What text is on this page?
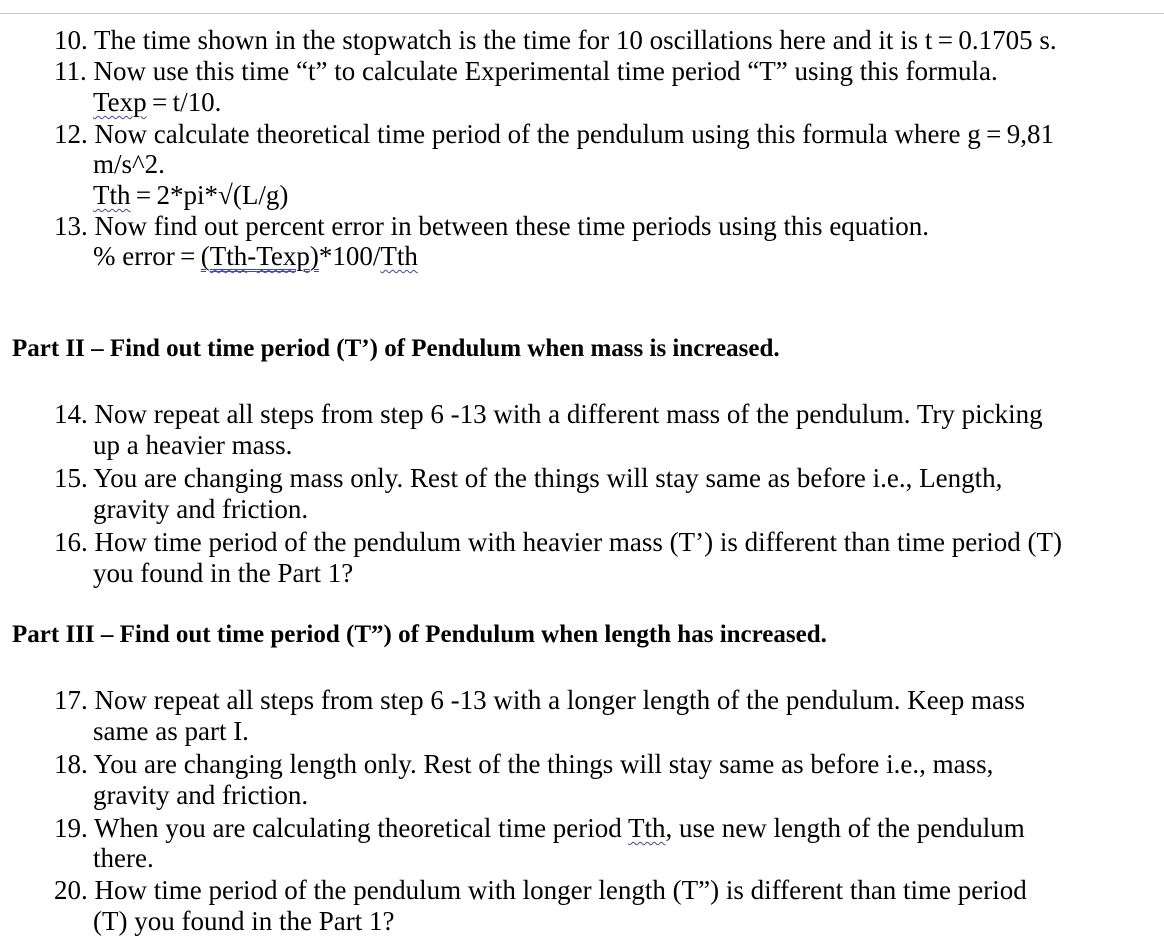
10. The time shown in the stopwatch is the time for 10 oscillations here and it is t = 0.1705 s.
11. Now use this time “t” to calculate Experimental time period “T” using this formula.
Texp = t/10.
12. Now calculate theoretical time period of the pendulum using this formula where g = 9,81
m/s^2.
Tth = 2*pi*√(L/g)
13. Now find out percent error in between these time periods using this equation.
% error = (Tth-Texp)*100/Tth
Part II – Find out time period (T’) of Pendulum when mass is increased.
14. Now repeat all steps from step 6 -13 with a different mass of the pendulum. Try picking
up a heavier mass.
15. You are changing mass only. Rest of the things will stay same as before i.e., Length,
gravity and friction.
16. How time period of the pendulum with heavier mass (T’) is different than time period (T)
you found in the Part 1?
Part III – Find out time period (T”) of Pendulum when length has increased.
17. Now repeat all steps from step 6 -13 with a longer length of the pendulum. Keep mass
same as part I.
18. You are changing length only. Rest of the things will stay same as before i.e., mass,
gravity and friction.
19. When you are calculating theoretical time period Tth, use new length of the pendulum
there.
20. How time period of the pendulum with longer length (T”) is different than time period
(T) you found in the Part 1?
